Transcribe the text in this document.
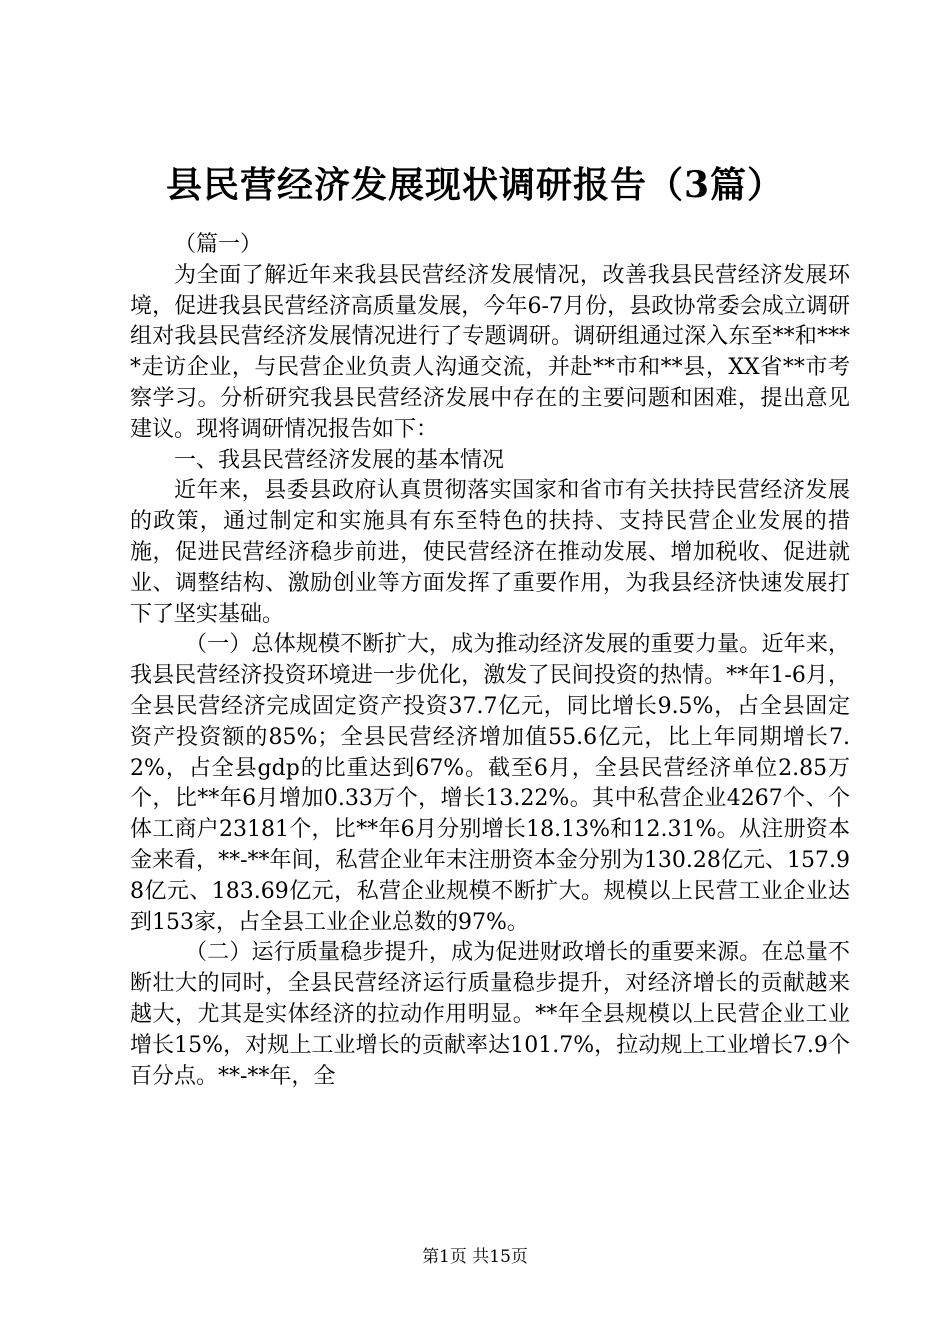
县民营经济发展现状调研报告（3篇）

（篇一）

为全面了解近年来我县民营经济发展情况，改善我县民营经济发展环境，促进我县民营经济高质量发展，今年6-7月份，县政协常委会成立调研组对我县民营经济发展情况进行了专题调研。调研组通过深入东至**和****走访企业，与民营企业负责人沟通交流，并赴**市和**县，XX省**市考察学习。分析研究我县民营经济发展中存在的主要问题和困难，提出意见建议。现将调研情况报告如下：

一、我县民营经济发展的基本情况

近年来，县委县政府认真贯彻落实国家和省市有关扶持民营经济发展的政策，通过制定和实施具有东至特色的扶持、支持民营企业发展的措施，促进民营经济稳步前进，使民营经济在推动发展、增加税收、促进就业、调整结构、激励创业等方面发挥了重要作用，为我县经济快速发展打下了坚实基础。

（一）总体规模不断扩大，成为推动经济发展的重要力量。近年来，我县民营经济投资环境进一步优化，激发了民间投资的热情。**年1-6月，全县民营经济完成固定资产投资37.7亿元，同比增长9.5%，占全县固定资产投资额的85%；全县民营经济增加值55.6亿元，比上年同期增长7.2%，占全县gdp的比重达到67%。截至6月，全县民营经济单位2.85万个，比**年6月增加0.33万个，增长13.22%。其中私营企业4267个、个体工商户23181个，比**年6月分别增长18.13%和12.31%。从注册资本金来看，**-**年间，私营企业年末注册资本金分别为130.28亿元、157.98亿元、183.69亿元，私营企业规模不断扩大。规模以上民营工业企业达到153家，占全县工业企业总数的97%。

（二）运行质量稳步提升，成为促进财政增长的重要来源。在总量不断壮大的同时，全县民营经济运行质量稳步提升，对经济增长的贡献越来越大，尤其是实体经济的拉动作用明显。**年全县规模以上民营企业工业增长15%，对规上工业增长的贡献率达101.7%，拉动规上工业增长7.9个百分点。**-**年，全

第1页 共15页
